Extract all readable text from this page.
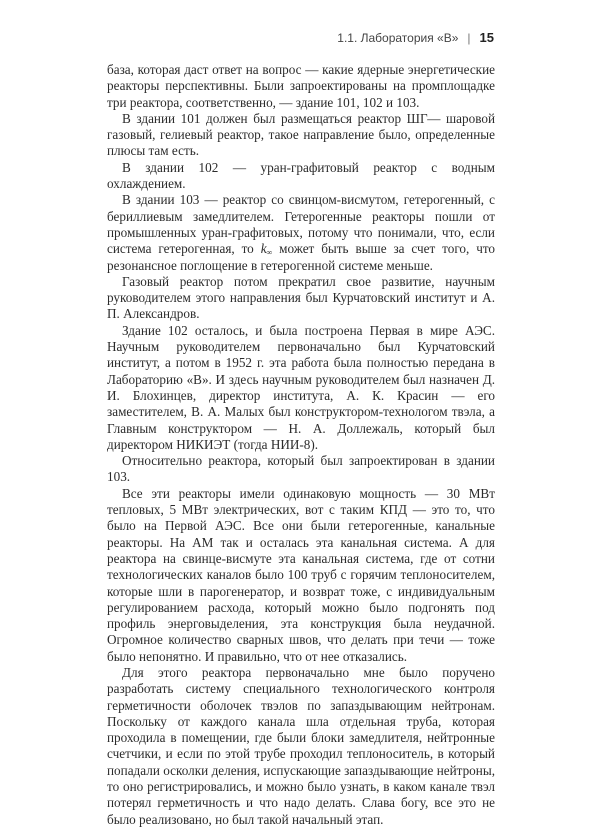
1.1. Лаборатория «В» | 15

база, которая даст ответ на вопрос — какие ядерные энергетические реакторы перспективны. Были запроектированы на промплощадке три реактора, соответственно, — здание 101, 102 и 103.

В здании 101 должен был размещаться реактор ШГ— шаровой газовый, гелиевый реактор, такое направление было, определенные плюсы там есть.

В здании 102 — уран-графитовый реактор с водным охлаждением.

В здании 103 — реактор со свинцом-висмутом, гетерогенный, с бериллиевым замедлителем. Гетерогенные реакторы пошли от промышленных уран-графитовых, потому что понимали, что, если система гетерогенная, то $k_\infty$ может быть выше за счет того, что резонансное поглощение в гетерогенной системе меньше.

Газовый реактор потом прекратил свое развитие, научным руководителем этого направления был Курчатовский институт и А. П. Александров.

Здание 102 осталось, и была построена Первая в мире АЭС. Научным руководителем первоначально был Курчатовский институт, а потом в 1952 г. эта работа была полностью передана в Лабораторию «В». И здесь научным руководителем был назначен Д. И. Блохинцев, директор института, А. К. Красин — его заместителем, В. А. Малых был конструктором-технологом твэла, а Главным конструктором — Н. А. Доллежаль, который был директором НИКИЭТ (тогда НИИ-8).

Относительно реактора, который был запроектирован в здании 103.

Все эти реакторы имели одинаковую мощность — 30 МВт тепловых, 5 МВт электрических, вот с таким КПД — это то, что было на Первой АЭС. Все они были гетерогенные, канальные реакторы. На АМ так и осталась эта канальная система. А для реактора на свинце-висмуте эта канальная система, где от сотни технологических каналов было 100 труб с горячим теплоносителем, которые шли в парогенератор, и возврат тоже, с индивидуальным регулированием расхода, который можно было подгонять под профиль энерговыделения, эта конструкция была неудачной. Огромное количество сварных швов, что делать при течи — тоже было непонятно. И правильно, что от нее отказались.

Для этого реактора первоначально мне было поручено разработать систему специального технологического контроля герметичности оболочек твэлов по запаздывающим нейтронам. Поскольку от каждого канала шла отдельная труба, которая проходила в помещении, где были блоки замедлителя, нейтронные счетчики, и если по этой трубе проходил теплоноситель, в который попадали осколки деления, испускающие запаздывающие нейтроны, то оно регистрировались, и можно было узнать, в каком канале твэл потерял герметичность и что надо делать. Слава богу, все это не было реализовано, но был такой начальный этап.
